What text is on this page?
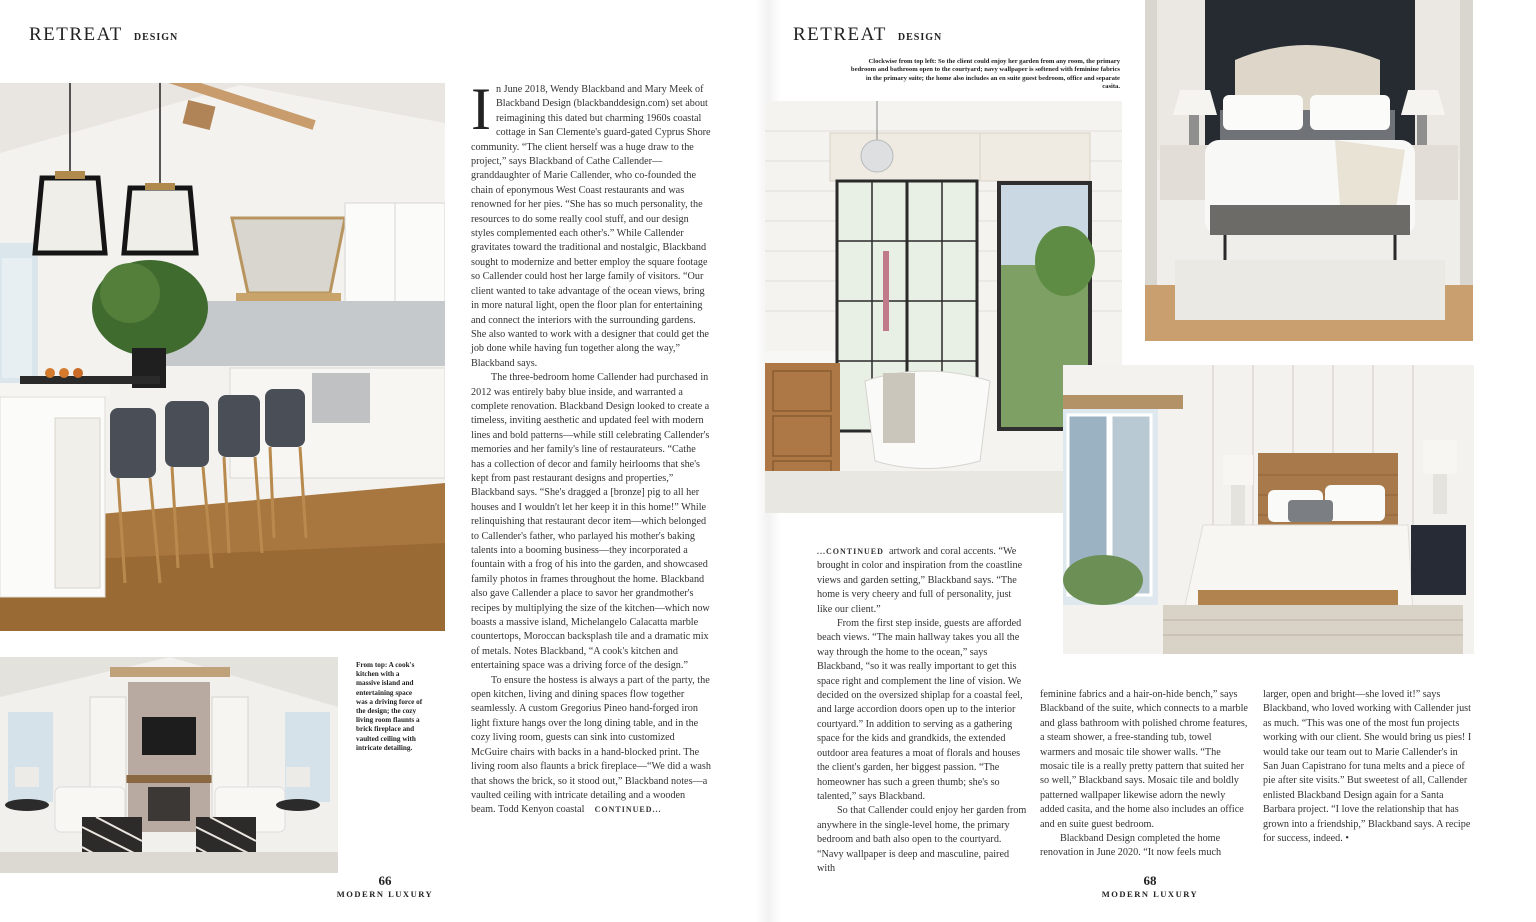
RETREAT DESIGN
From top: A cook's kitchen with a massive island and entertaining space was a driving force of the design; the cozy living room flaunts a brick fireplace and vaulted ceiling with intricate detailing.

In June 2018, Wendy Blackband and Mary Meek of Blackband Design (blackbanddesign.com) set about reimagining this dated but charming 1960s coastal cottage in San Clemente's guard-gated Cyprus Shore community. “The client herself was a huge draw to the project,” says Blackband of Cathe Callender—granddaughter of Marie Callender, who co-founded the chain of eponymous West Coast restaurants and was renowned for her pies. “She has so much personality, the resources to do some really cool stuff, and our design styles complemented each other's.” While Callender gravitates toward the traditional and nostalgic, Blackband sought to modernize and better employ the square footage so Callender could host her large family of visitors. “Our client wanted to take advantage of the ocean views, bring in more natural light, open the floor plan for entertaining and connect the interiors with the surrounding gardens. She also wanted to work with a designer that could get the job done while having fun together along the way,” Blackband says.

The three-bedroom home Callender had purchased in 2012 was entirely baby blue inside, and warranted a complete renovation. Blackband Design looked to create a timeless, inviting aesthetic and updated feel with modern lines and bold patterns—while still celebrating Callender's memories and her family's line of restaurateurs. “Cathe has a collection of decor and family heirlooms that she's kept from past restaurant designs and properties,” Blackband says. “She's dragged a [bronze] pig to all her houses and I wouldn't let her keep it in this home!” While relinquishing that restaurant decor item—which belonged to Callender's father, who parlayed his mother's baking talents into a booming business—they incorporated a fountain with a frog of his into the garden, and showcased family photos in frames throughout the home. Blackband also gave Callender a place to savor her grandmother's recipes by multiplying the size of the kitchen—which now boasts a massive island, Michelangelo Calacatta marble countertops, Moroccan backsplash tile and a dramatic mix of metals. Notes Blackband, “A cook's kitchen and entertaining space was a driving force of the design.”

To ensure the hostess is always a part of the party, the open kitchen, living and dining spaces flow together seamlessly. A custom Gregorius Pineo hand-forged iron light fixture hangs over the long dining table, and in the cozy living room, guests can sink into customized McGuire chairs with backs in a hand-blocked print. The living room also flaunts a brick fireplace—“We did a wash that shows the brick, so it stood out,” Blackband notes—a vaulted ceiling with intricate detailing and a wooden beam. Todd Kenyon coastal CONTINUED...

66
MODERN LUXURY
RETREAT DESIGN
Clockwise from top left: So the client could enjoy her garden from any room, the primary bedroom and bathroom open to the courtyard; navy wallpaper is softened with feminine fabrics in the primary suite; the home also includes an en suite guest bedroom, office and separate casita.

...CONTINUED artwork and coral accents. “We brought in color and inspiration from the coastline views and garden setting,” Blackband says. “The home is very cheery and full of personality, just like our client.”

From the first step inside, guests are afforded beach views. “The main hallway takes you all the way through the home to the ocean,” says Blackband, “so it was really important to get this space right and complement the line of vision. We decided on the oversized shiplap for a coastal feel, and large accordion doors open up to the interior courtyard.” In addition to serving as a gathering space for the kids and grandkids, the extended outdoor area features a moat of florals and houses the client's garden, her biggest passion. “The homeowner has such a green thumb; she's so talented,” says Blackband.

So that Callender could enjoy her garden from anywhere in the single-level home, the primary bedroom and bath also open to the courtyard. “Navy wallpaper is deep and masculine, paired with

feminine fabrics and a hair-on-hide bench,” says Blackband of the suite, which connects to a marble and glass bathroom with polished chrome features, a steam shower, a free-standing tub, towel warmers and mosaic tile shower walls. “The mosaic tile is a really pretty pattern that suited her so well,” Blackband says. Mosaic tile and boldly patterned wallpaper likewise adorn the newly added casita, and the home also includes an office and en suite guest bedroom.

Blackband Design completed the home renovation in June 2020. “It now feels much

larger, open and bright—she loved it!” says Blackband, who loved working with Callender just as much. “This was one of the most fun projects working with our client. She would bring us pies! I would take our team out to Marie Callender's in San Juan Capistrano for tuna melts and a piece of pie after site visits.” But sweetest of all, Callender enlisted Blackband Design again for a Santa Barbara project. “I love the relationship that has grown into a friendship,” Blackband says. A recipe for success, indeed. •

68
MODERN LUXURY
